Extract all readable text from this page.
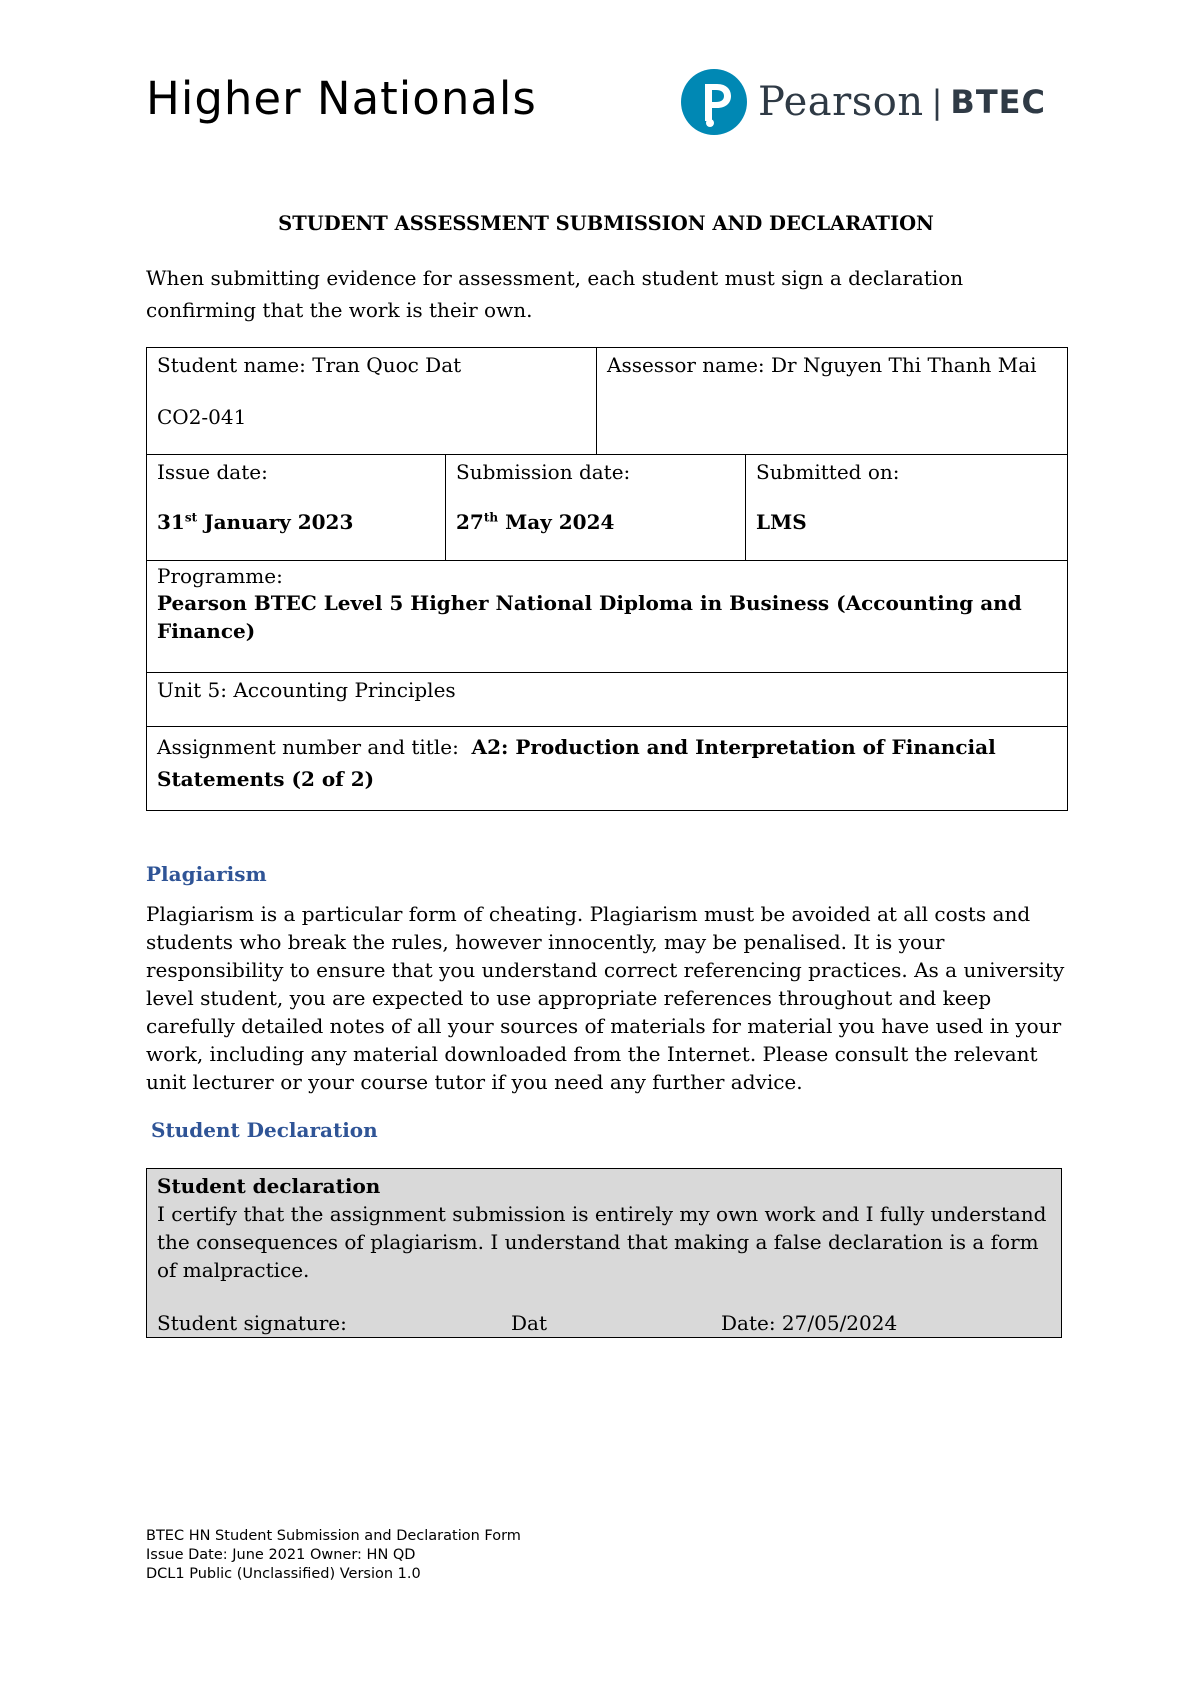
Higher Nationals	Pearson | BTEC
STUDENT ASSESSMENT SUBMISSION AND DECLARATION
When submitting evidence for assessment, each student must sign a declaration confirming that the work is their own.
Student name: Tran Quoc Dat
CO2-041
Assessor name: Dr Nguyen Thi Thanh Mai
Issue date:
31st January 2023
Submission date:
27th May 2024
Submitted on:
LMS
Programme:
Pearson BTEC Level 5 Higher National Diploma in Business (Accounting and Finance)
Unit 5: Accounting Principles
Assignment number and title: A2: Production and Interpretation of Financial Statements (2 of 2)
Plagiarism
Plagiarism is a particular form of cheating. Plagiarism must be avoided at all costs and students who break the rules, however innocently, may be penalised. It is your responsibility to ensure that you understand correct referencing practices. As a university level student, you are expected to use appropriate references throughout and keep carefully detailed notes of all your sources of materials for material you have used in your work, including any material downloaded from the Internet. Please consult the relevant unit lecturer or your course tutor if you need any further advice.
Student Declaration
Student declaration
I certify that the assignment submission is entirely my own work and I fully understand the consequences of plagiarism. I understand that making a false declaration is a form of malpractice.
Student signature:	Dat	Date: 27/05/2024
BTEC HN Student Submission and Declaration Form
Issue Date: June 2021 Owner: HN QD
DCL1 Public (Unclassified) Version 1.0
